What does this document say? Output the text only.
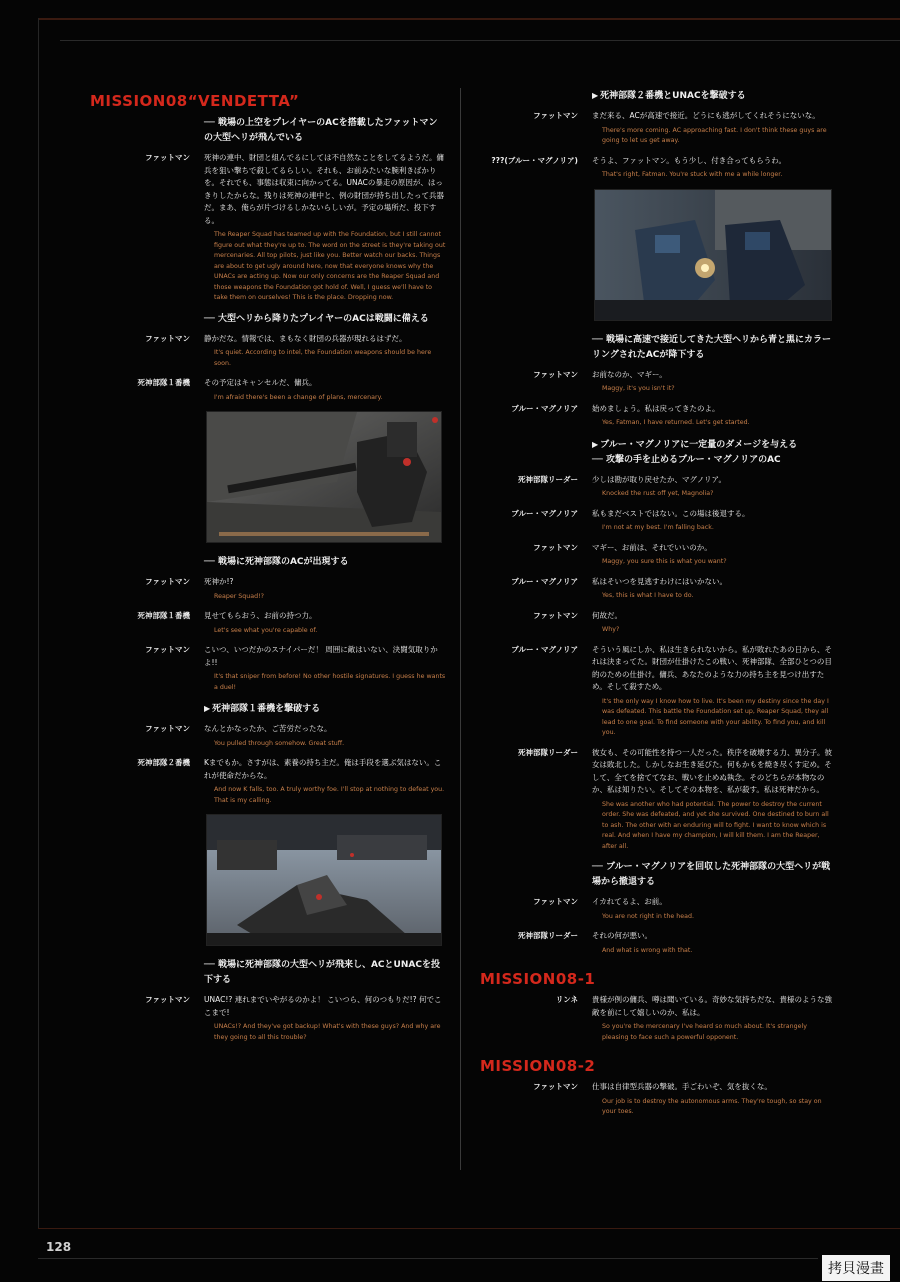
MISSION08“VENDETTA”
── 戦場の上空をプレイヤーのACを搭載したファットマンの大型ヘリが飛んでいる
ファットマン	死神の連中、財団と組んでるにしては不自然なことをしてるようだ。傭兵を狙い撃ちで殺してるらしい。それも、お前みたいな腕利きばかりを。それでも、事態は収束に向かってる。UNACの暴走の原因が、はっきりしたからな。残りは死神の連中と、例の財団が持ち出したって兵器だ。まあ、俺らが片づけるしかないらしいが。予定の場所だ、投下する。
The Reaper Squad has teamed up with the Foundation, but I still cannot figure out what they're up to. The word on the street is they're taking out mercenaries. All top pilots, just like you. Better watch our backs. Things are about to get ugly around here, now that everyone knows why the UNACs are acting up. Now our only concerns are the Reaper Squad and those weapons the Foundation got hold of. Well, I guess we'll have to take them on ourselves! This is the place. Dropping now.
── 大型ヘリから降りたプレイヤーのACは戦闘に備える
ファットマン	静かだな。情報では、まもなく財団の兵器が現れるはずだ。
It's quiet. According to intel, the Foundation weapons should be here soon.
死神部隊１番機	その予定はキャンセルだ、傭兵。
I'm afraid there's been a change of plans, mercenary.
── 戦場に死神部隊のACが出現する
ファットマン	死神か!?
Reaper Squad!?
死神部隊１番機	見せてもらおう、お前の持つ力。
Let's see what you're capable of.
ファットマン	こいつ、いつだかのスナイパーだ！ 周囲に敵はいない、決闘気取りかよ!!
It's that sniper from before! No other hostile signatures. I guess he wants a duel!
▶ 死神部隊１番機を撃破する
ファットマン	なんとかなったか、ご苦労だったな。
You pulled through somehow. Great stuff.
死神部隊２番機	Kまでもか。さすがは、素養の持ち主だ。俺は手段を選ぶ気はない。これが使命だからな。
And now K falls, too. A truly worthy foe. I'll stop at nothing to defeat you. That is my calling.
── 戦場に死神部隊の大型ヘリが飛来し、ACとUNACを投下する
ファットマン	UNAC!? 連れまでいやがるのかよ！ こいつら、何のつもりだ!? 何でここまで!
UNACs!? And they've got backup! What's with these guys? And why are they going to all this trouble?
▶ 死神部隊２番機とUNACを撃破する
ファットマン	まだ来る、ACが高速で接近。どうにも逃がしてくれそうにないな。
There's more coming. AC approaching fast. I don't think these guys are going to let us get away.
???(ブルー・マグノリア)	そうよ、ファットマン。もう少し、付き合ってもらうわ。
That's right, Fatman. You're stuck with me a while longer.
── 戦場に高速で接近してきた大型ヘリから青と黒にカラーリングされたACが降下する
ファットマン	お前なのか、マギー。
Maggy, it's you isn't it?
ブルー・マグノリア	始めましょう。私は戻ってきたのよ。
Yes, Fatman, I have returned. Let's get started.
▶ ブルー・マグノリアに一定量のダメージを与える
── 攻撃の手を止めるブルー・マグノリアのAC
死神部隊リーダー	少しは勘が取り戻せたか、マグノリア。
Knocked the rust off yet, Magnolia?
ブルー・マグノリア	私もまだベストではない。この場は後退する。
I'm not at my best. I'm falling back.
ファットマン	マギー、お前は、それでいいのか。
Maggy, you sure this is what you want?
ブルー・マグノリア	私はそいつを見逃すわけにはいかない。
Yes, this is what I have to do.
ファットマン	何故だ。
Why?
ブルー・マグノリア	そういう風にしか、私は生きられないから。私が敗れたあの日から、それは決まってた。財団が仕掛けたこの戦い、死神部隊、全部ひとつの目的のための仕掛け。傭兵、あなたのような力の持ち主を見つけ出すため。そして殺すため。
It's the only way I know how to live. It's been my destiny since the day I was defeated. This battle the Foundation set up, Reaper Squad, they all lead to one goal. To find someone with your ability. To find you, and kill you.
死神部隊リーダー	彼女も、その可能性を持つ一人だった。秩序を破壊する力、異分子。彼女は敗北した。しかしなお生き延びた。何もかもを焼き尽くす定め。そして、全てを捨ててなお、戦いを止めぬ執念。そのどちらが本物なのか、私は知りたい。そしてその本物を、私が殺す。私は死神だから。
She was another who had potential. The power to destroy the current order. She was defeated, and yet she survived. One destined to burn all to ash. The other with an enduring will to fight. I want to know which is real. And when I have my champion, I will kill them. I am the Reaper, after all.
── ブルー・マグノリアを回収した死神部隊の大型ヘリが戦場から撤退する
ファットマン	イカれてるよ、お前。
You are not right in the head.
死神部隊リーダー	それの何が悪い。
And what is wrong with that.
MISSION08-1
リンネ	貴様が例の傭兵、噂は聞いている。奇妙な気持ちだな、貴様のような強敵を前にして嬉しいのか、私は。
So you're the mercenary I've heard so much about. It's strangely pleasing to face such a powerful opponent.
MISSION08-2
ファットマン	仕事は自律型兵器の撃破。手ごわいぞ、気を抜くな。
Our job is to destroy the autonomous arms. They're tough, so stay on your toes.
128
拷貝漫畫
